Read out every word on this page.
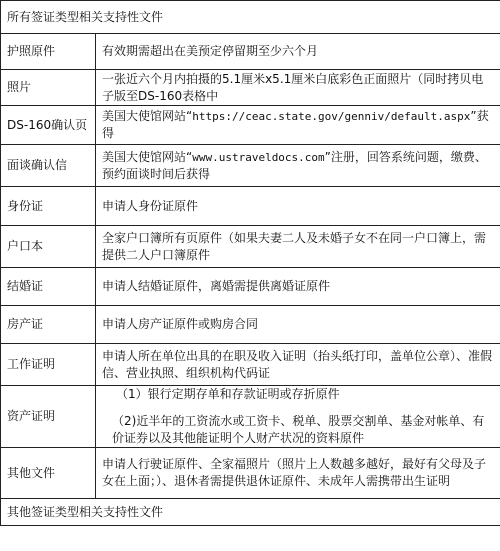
所有签证类型相关支持性文件	
护照原件	有效期需超出在美预定停留期至少六个月
照片	一张近六个月内拍摄的5.1厘米x5.1厘米白底彩色正面照片（同时拷贝电子版至DS-160表格中
DS-160确认页	美国大使馆网站“https://ceac.state.gov/genniv/default.aspx”获得
面谈确认信	美国大使馆网站“www.ustraveldocs.com”注册，回答系统问题，缴费、预约面谈时间后获得
身份证	申请人身份证原件
户口本	全家户口簿所有页原件（如果夫妻二人及未婚子女不在同一户口簿上，需提供二人户口簿原件
结婚证	申请人结婚证原件，离婚需提供离婚证原件
房产证	申请人房产证原件或购房合同
工作证明	申请人所在单位出具的在职及收入证明（抬头纸打印，盖单位公章）、准假信、营业执照、组织机构代码证
资产证明	（1）银行定期存单和存款证明或存折原件
（2)近半年的工资流水或工资卡、税单、股票交割单、基金对帐单、有价证券以及其他能证明个人财产状况的资料原件

其他文件	申请人行驶证原件、全家福照片（照片上人数越多越好，最好有父母及子女在上面；）、退休者需提供退休证原件、未成年人需携带出生证明
其他签证类型相关支持性文件	
